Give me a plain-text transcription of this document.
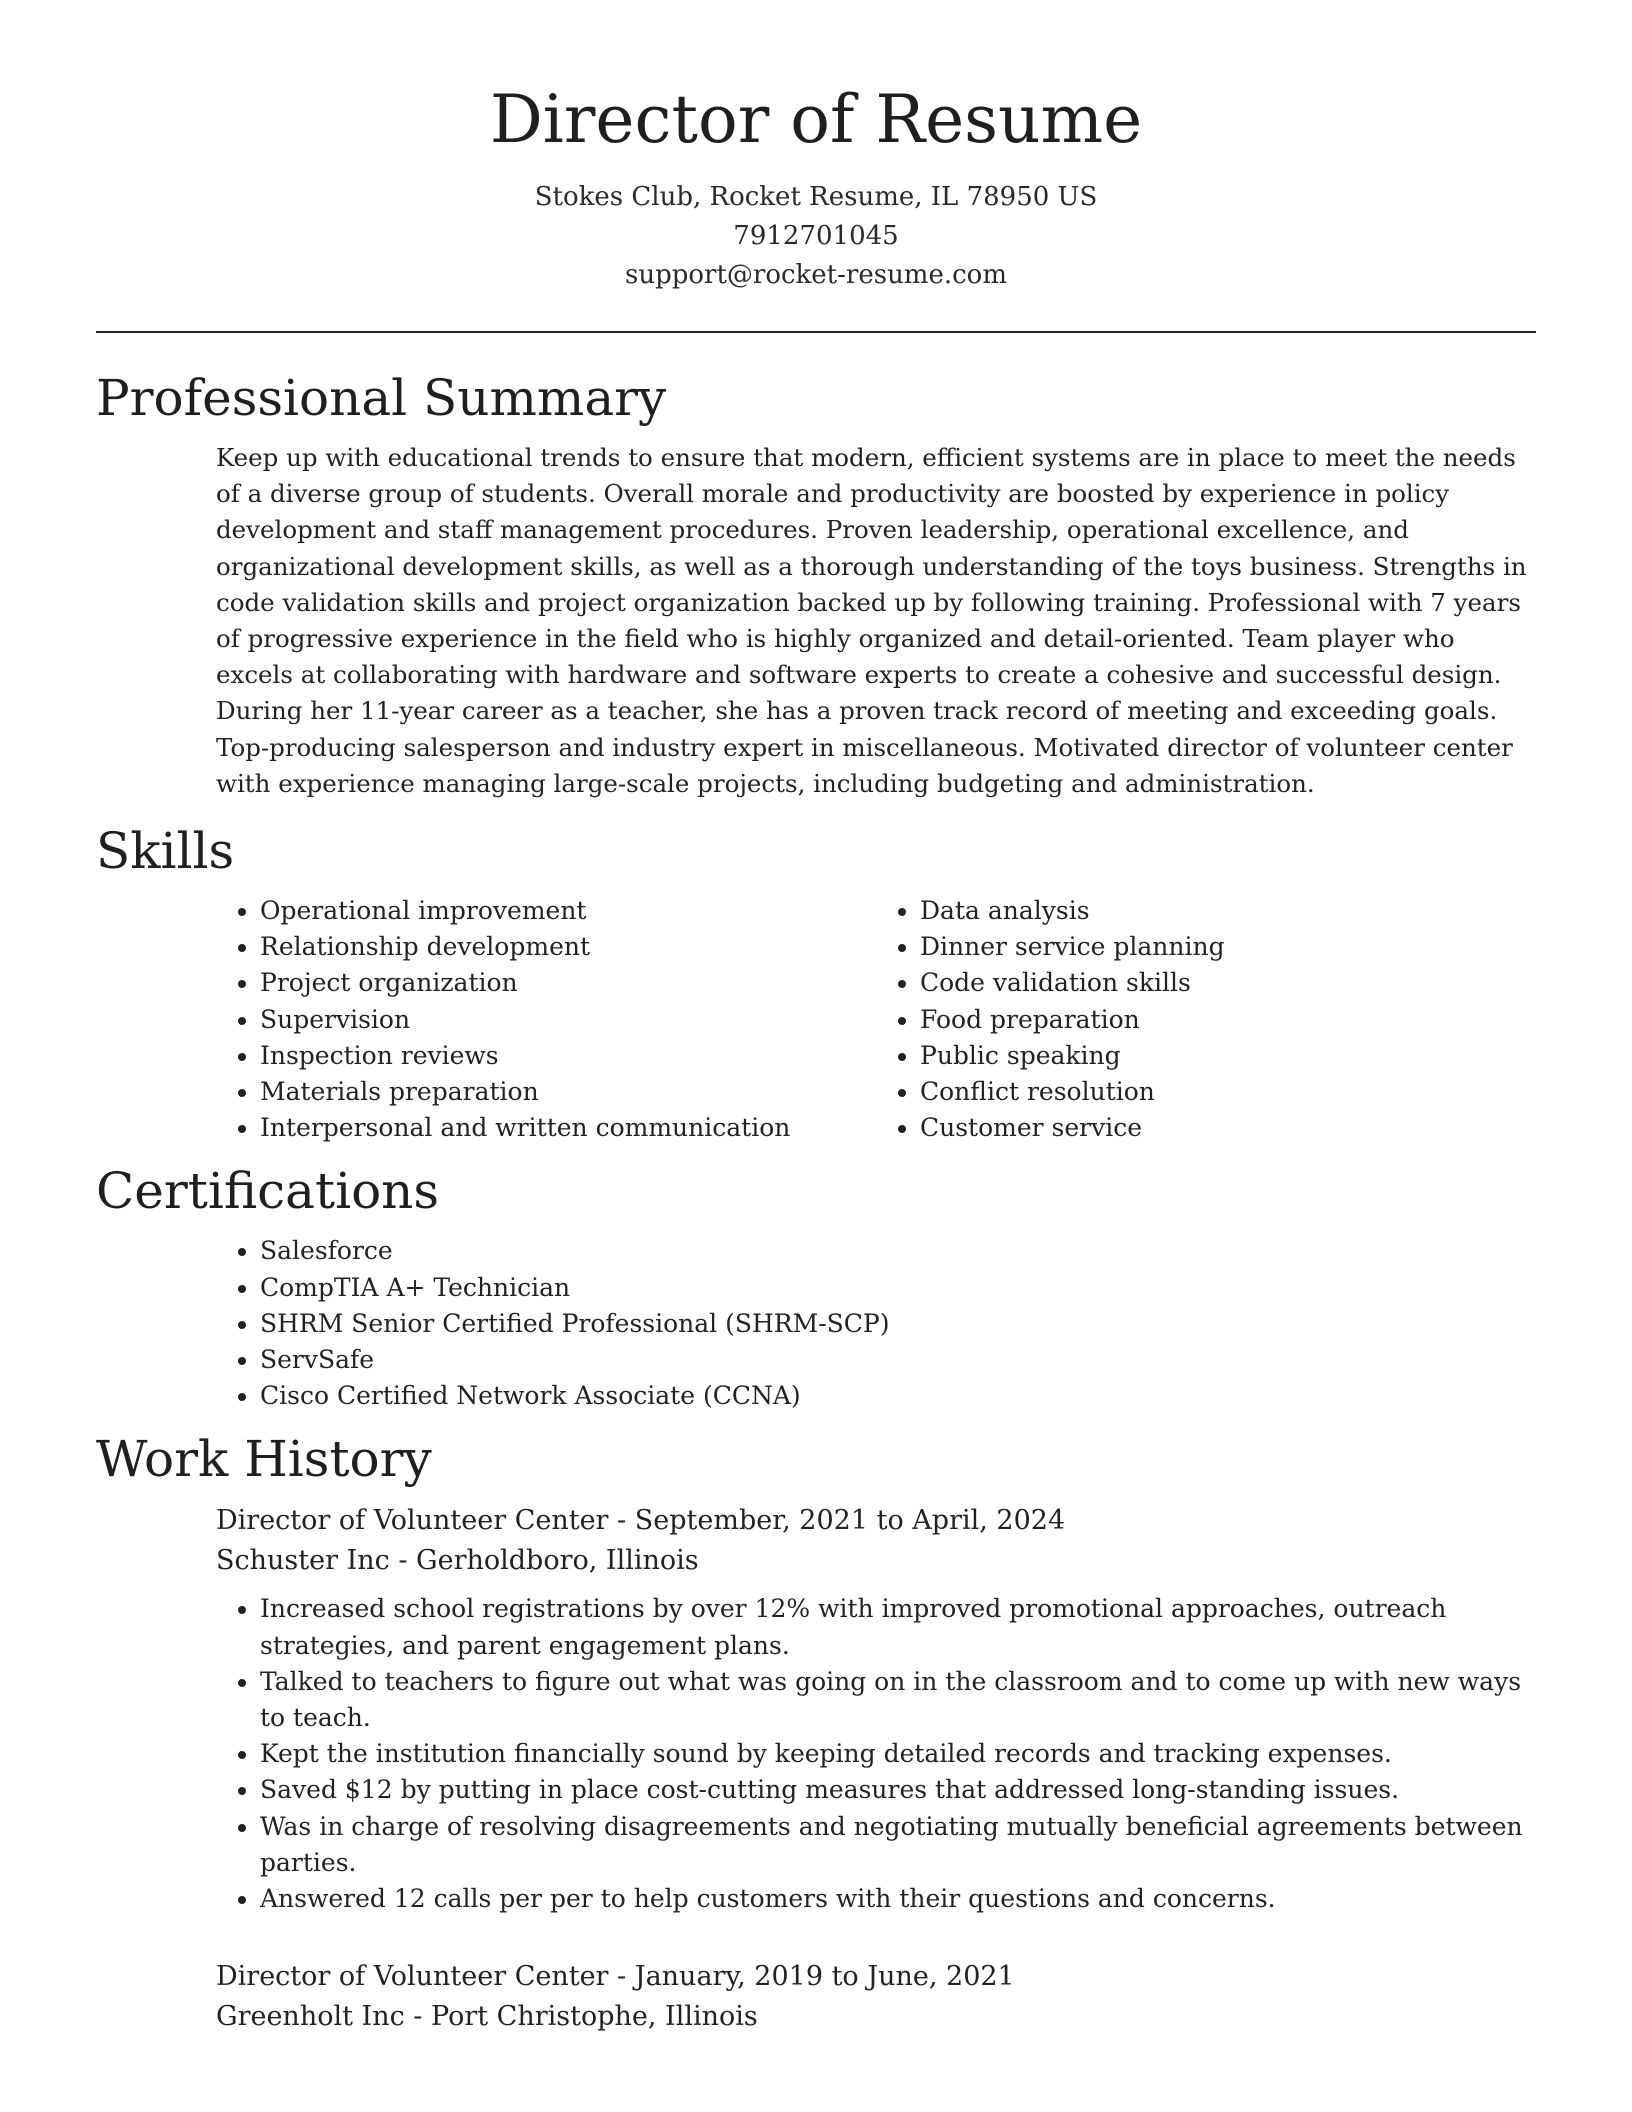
Director of Resume
Stokes Club, Rocket Resume, IL 78950 US
7912701045
support@rocket-resume.com
Professional Summary

Keep up with educational trends to ensure that modern, efficient systems are in place to meet the needs of a diverse group of students. Overall morale and productivity are boosted by experience in policy development and staff management procedures. Proven leadership, operational excellence, and organizational development skills, as well as a thorough understanding of the toys business. Strengths in code validation skills and project organization backed up by following training. Professional with 7 years of progressive experience in the field who is highly organized and detail-oriented. Team player who excels at collaborating with hardware and software experts to create a cohesive and successful design. During her 11-year career as a teacher, she has a proven track record of meeting and exceeding goals. Top-producing salesperson and industry expert in miscellaneous. Motivated director of volunteer center with experience managing large-scale projects, including budgeting and administration.

Skills
• Operational improvement
• Relationship development
• Project organization
• Supervision
• Inspection reviews
• Materials preparation
• Interpersonal and written communication
• Data analysis
• Dinner service planning
• Code validation skills
• Food preparation
• Public speaking
• Conflict resolution
• Customer service
Certifications
• Salesforce
• CompTIA A+ Technician
• SHRM Senior Certified Professional (SHRM-SCP)
• ServSafe
• Cisco Certified Network Associate (CCNA)
Work History
Director of Volunteer Center - September, 2021 to April, 2024
Schuster Inc - Gerholdboro, Illinois
• Increased school registrations by over 12% with improved promotional approaches, outreach strategies, and parent engagement plans.
• Talked to teachers to figure out what was going on in the classroom and to come up with new ways to teach.
• Kept the institution financially sound by keeping detailed records and tracking expenses.
• Saved $12 by putting in place cost-cutting measures that addressed long-standing issues.
• Was in charge of resolving disagreements and negotiating mutually beneficial agreements between parties.
• Answered 12 calls per per to help customers with their questions and concerns.
Director of Volunteer Center - January, 2019 to June, 2021
Greenholt Inc - Port Christophe, Illinois
